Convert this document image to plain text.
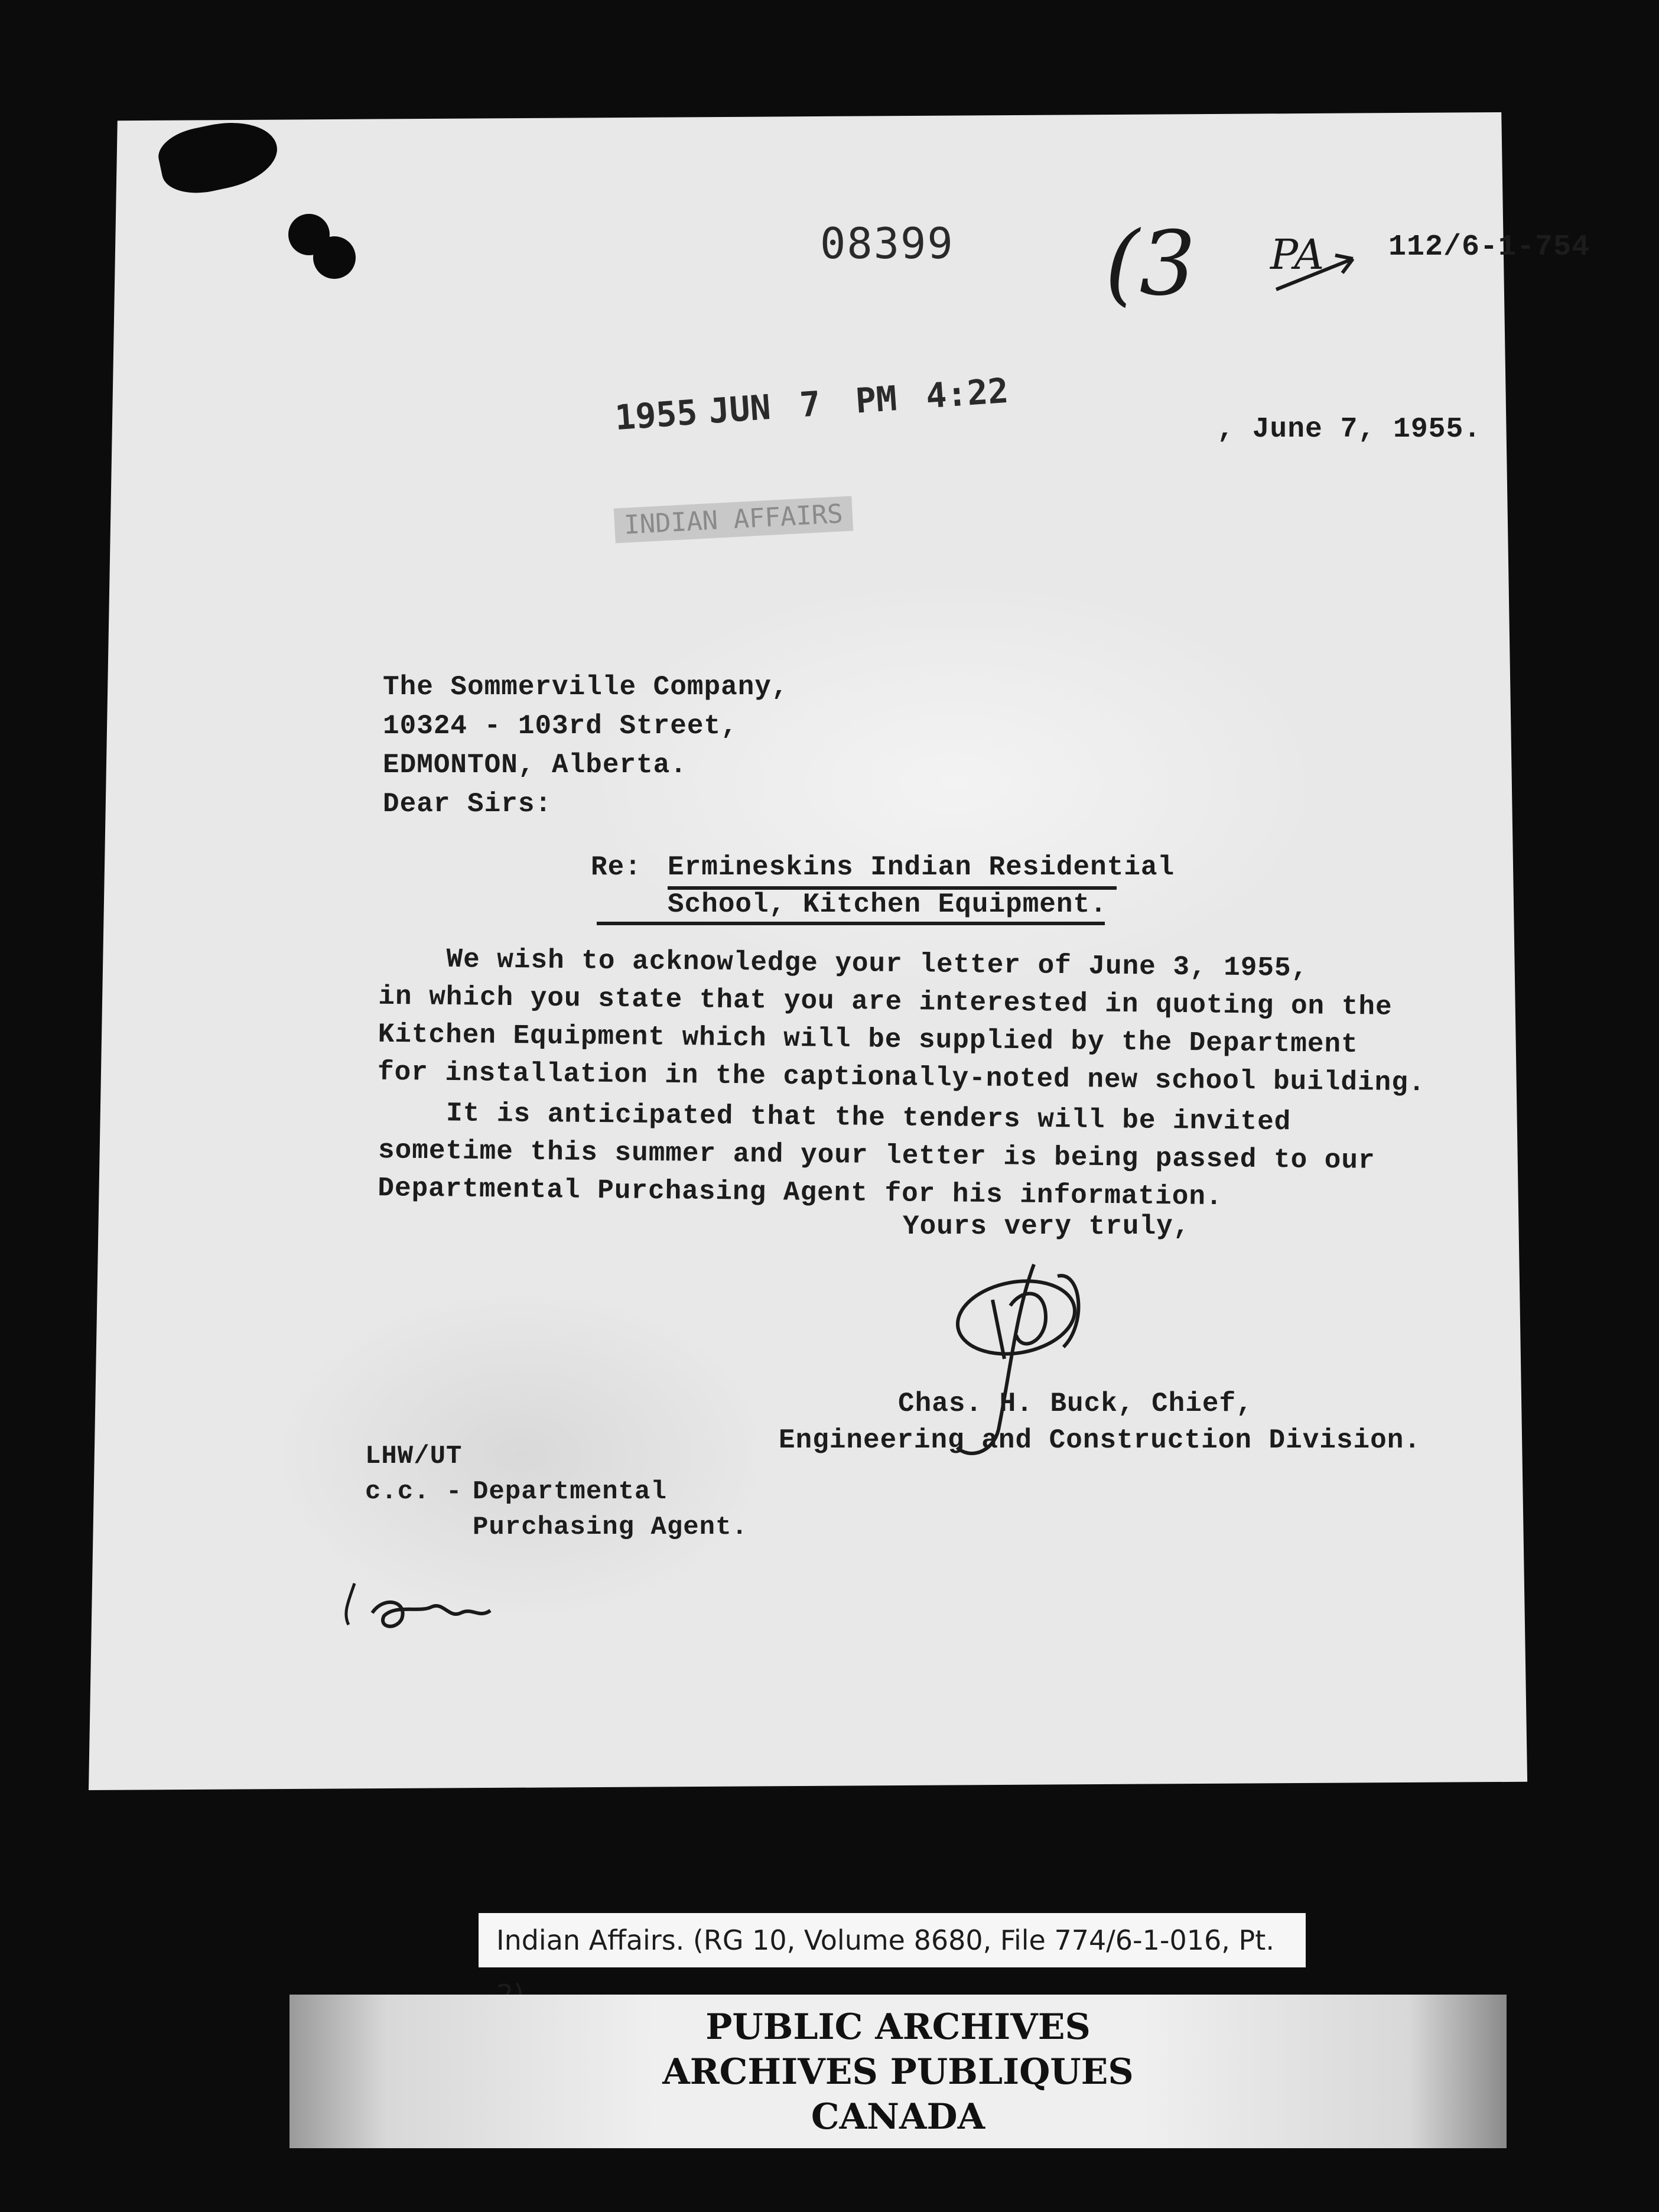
08399 (3 PA 112/6-1-754
1955 JUN 7 PM 4:22
INDIAN AFFAIRS
, June 7, 1955.
The Sommerville Company,
10324 - 103rd Street,
EDMONTON, Alberta.
Dear Sirs:
Re: Ermineskins Indian Residential
School, Kitchen Equipment.
We wish to acknowledge your letter of June 3, 1955,
in which you state that you are interested in quoting on the
Kitchen Equipment which will be supplied by the Department
for installation in the captionally-noted new school building.
It is anticipated that the tenders will be invited
sometime this summer and your letter is being passed to our
Departmental Purchasing Agent for his information.
Yours very truly,
Chas. H. Buck, Chief,
Engineering and Construction Division.
LHW/UT
c.c. - Departmental
Purchasing Agent.
Indian Affairs. (RG 10, Volume 8680, File 774/6-1-016, Pt.
PUBLIC ARCHIVES
ARCHIVES PUBLIQUES
CANADA
